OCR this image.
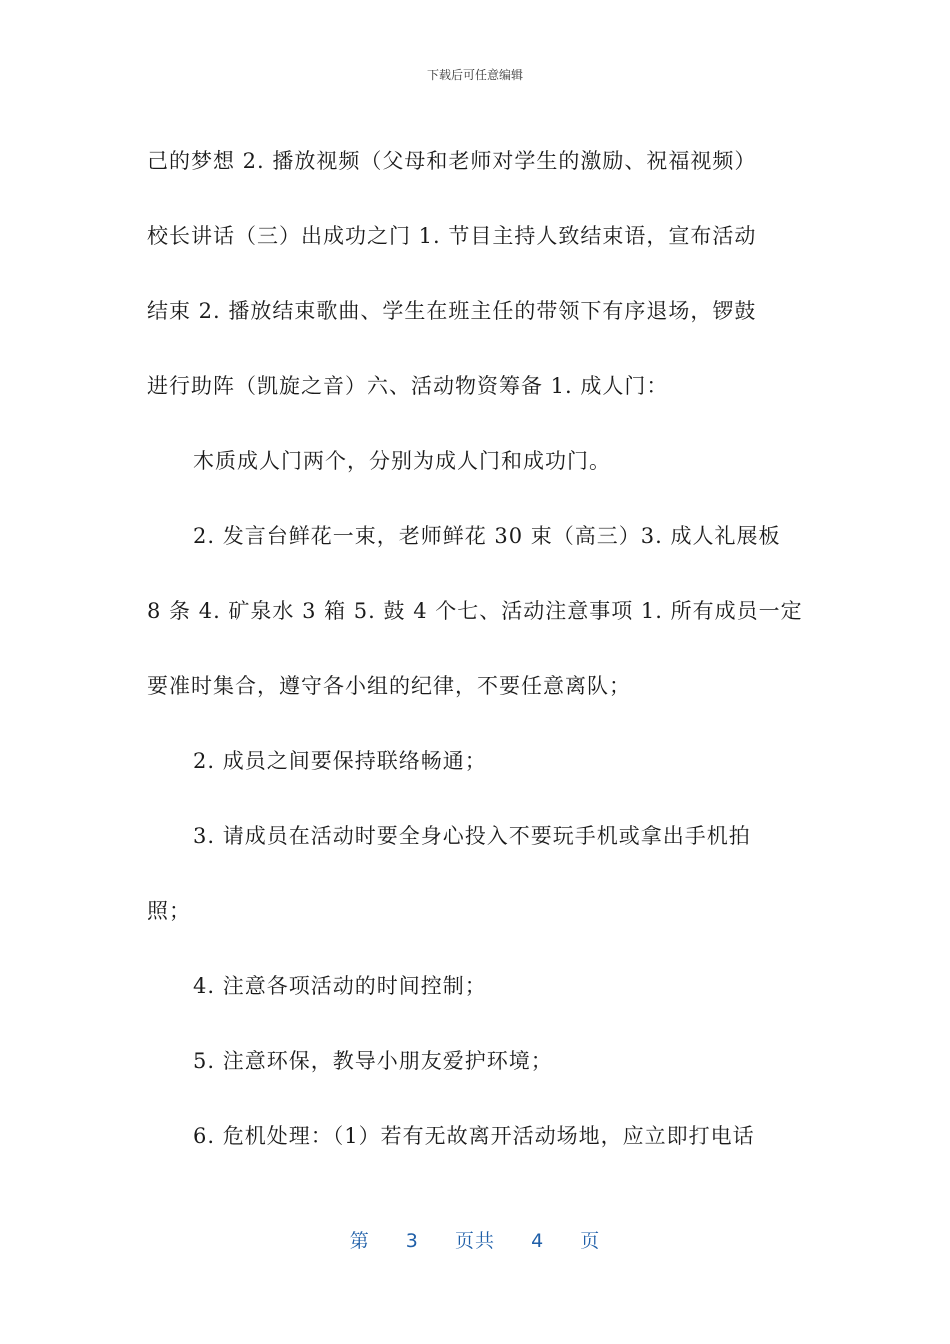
下载后可任意编辑
己的梦想 2. 播放视频（父母和老师对学生的激励、祝福视频）
校长讲话（三）出成功之门 1. 节目主持人致结束语，宣布活动
结束 2. 播放结束歌曲、学生在班主任的带领下有序退场，锣鼓
进行助阵（凯旋之音）六、活动物资筹备 1. 成人门：
木质成人门两个，分别为成人门和成功门。
2. 发言台鲜花一束，老师鲜花 30 束（高三）3. 成人礼展板
8 条 4. 矿泉水 3 箱 5. 鼓 4 个七、活动注意事项 1. 所有成员一定
要准时集合，遵守各小组的纪律，不要任意离队；
2. 成员之间要保持联络畅通；
3. 请成员在活动时要全身心投入不要玩手机或拿出手机拍
照；
4. 注意各项活动的时间控制；
5. 注意环保，教导小朋友爱护环境；
6. 危机处理：（1）若有无故离开活动场地，应立即打电话
第 3 页共 4 页
